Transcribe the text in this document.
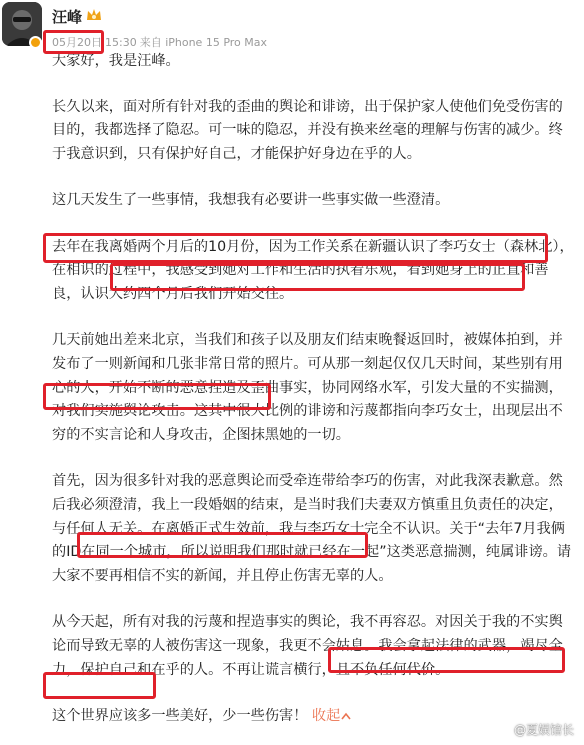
汪峰
05月20日 15:30 来自 iPhone 15 Pro Max

大家好，我是汪峰。

长久以来，面对所有针对我的歪曲的舆论和诽谤，出于保护家人使他们免受伤害的目的，我都选择了隐忍。可一味的隐忍，并没有换来丝毫的理解与伤害的减少。终于我意识到，只有保护好自己，才能保护好身边在乎的人。

这几天发生了一些事情，我想我有必要讲一些事实做一些澄清。

去年在我离婚两个月后的10月份，因为工作关系在新疆认识了李巧女士（森林北），在相识的过程中，我感受到她对工作和生活的执着乐观，看到她身上的正直和善良，认识大约四个月后我们开始交往。

几天前她出差来北京，当我们和孩子以及朋友们结束晚餐返回时，被媒体拍到，并发布了一则新闻和几张非常日常的照片。可从那一刻起仅仅几天时间，某些别有用心的人，开始不断的恶意捏造及歪曲事实，协同网络水军，引发大量的不实揣测，对我们实施舆论攻击。这其中很大比例的诽谤和污蔑都指向李巧女士，出现层出不穷的不实言论和人身攻击，企图抹黑她的一切。

首先，因为很多针对我的恶意舆论而受牵连带给李巧的伤害，对此我深表歉意。然后我必须澄清，我上一段婚姻的结束，是当时我们夫妻双方慎重且负责任的决定，与任何人无关。在离婚正式生效前，我与李巧女士完全不认识。关于“去年7月我俩的ID在同一个城市，所以说明我们那时就已经在一起”这类恶意揣测，纯属诽谤。请大家不要再相信不实的新闻，并且停止伤害无辜的人。

从今天起，所有对我的污蔑和捏造事实的舆论，我不再容忍。对因关于我的不实舆论而导致无辜的人被伤害这一现象，我更不会姑息。我会拿起法律的武器，竭尽全力，保护自己和在乎的人。不再让谎言横行，且不负任何代价。

这个世界应该多一些美好，少一些伤害！ 收起

@夏娱馆长
